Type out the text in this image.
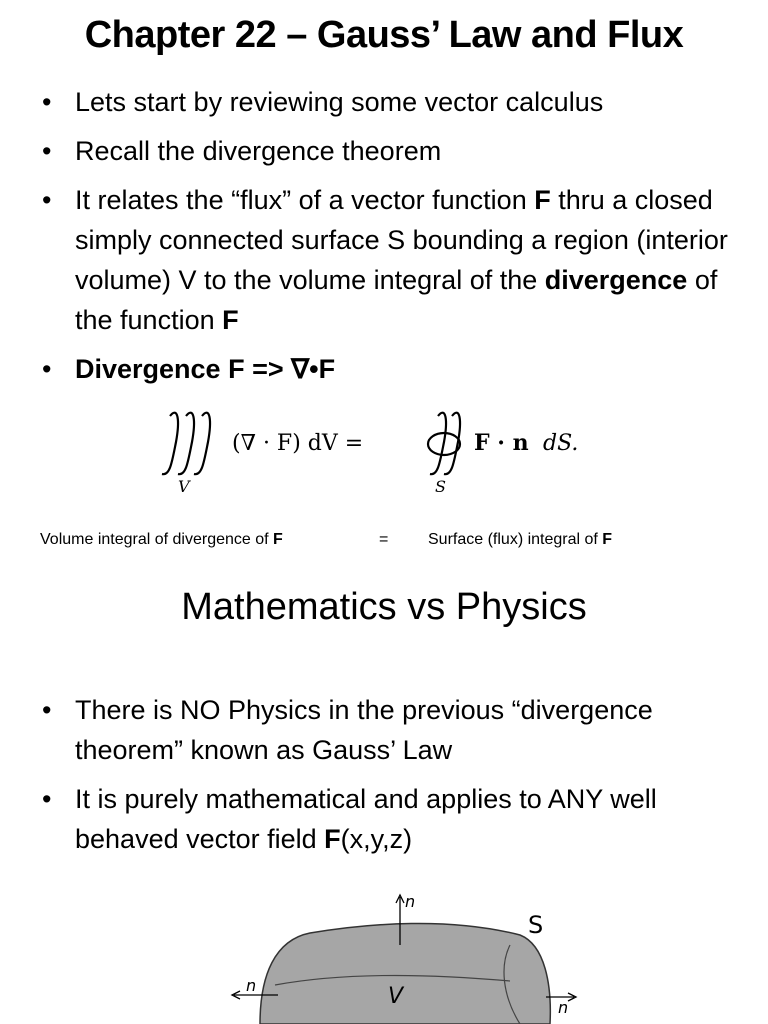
Chapter 22 – Gauss’ Law and Flux
• Lets start by reviewing some vector calculus
• Recall the divergence theorem
• It relates the “flux” of a vector function F thru a closed simply connected surface S bounding a region (interior volume) V to the volume integral of the divergence of the function F
• Divergence F => ∇•F
V
(∇ · F) dV =
S
F · n dS.
Volume integral of divergence of F	= Surface (flux) integral of F
Mathematics vs Physics
• There is NO Physics in the previous “divergence theorem” known as Gauss’ Law
• It is purely mathematical and applies to ANY well behaved vector field F(x,y,z)
n
n
n
S
V
